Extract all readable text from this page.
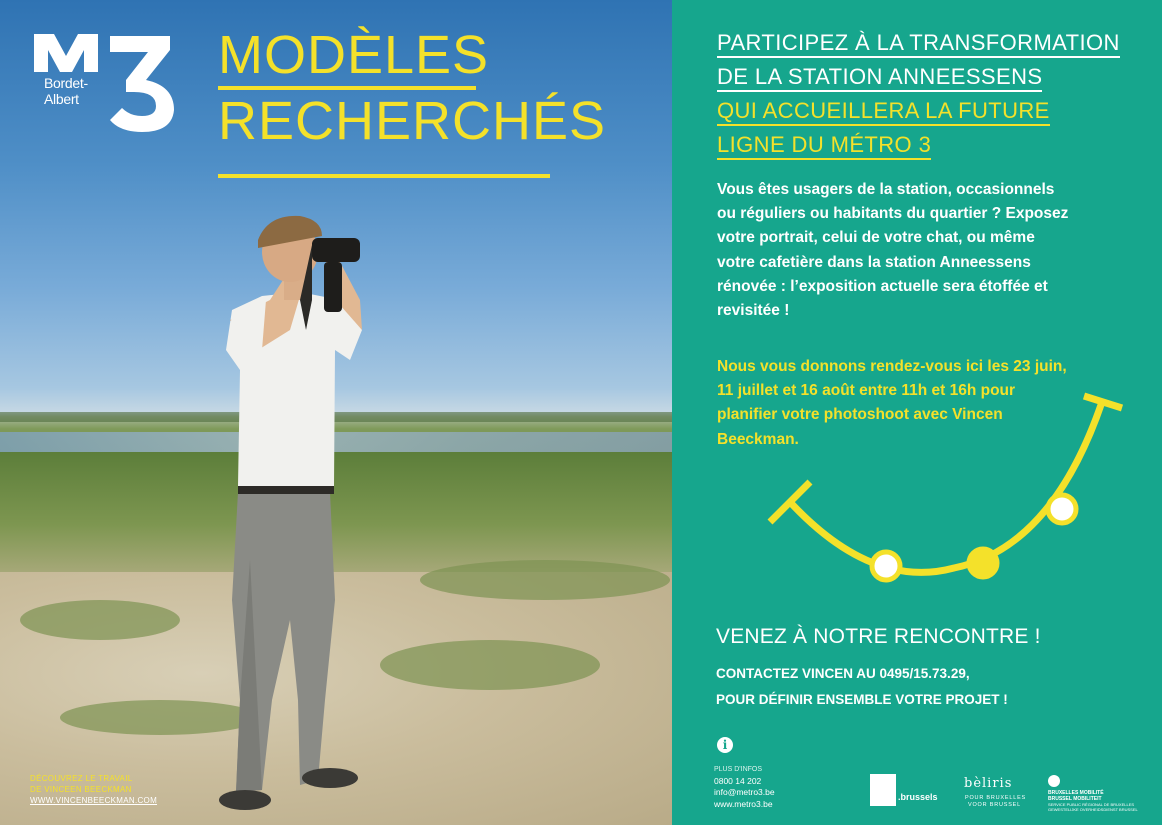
Bordet-
Albert
MODÈLES
RECHERCHÉS
DÉCOUVREZ LE TRAVAIL
DE VINCEEN BEECKMAN
WWW.VINCENBEECKMAN.COM
PARTICIPEZ À LA TRANSFORMATION
DE LA STATION ANNEESSENS
QUI ACCUEILLERA LA FUTURE
LIGNE DU MÉTRO 3
Vous êtes usagers de la station, occasionnels ou réguliers ou habitants du quartier ? Exposez votre portrait, celui de votre chat, ou même votre cafetière dans la station Anneessens rénovée : l’exposition actuelle sera étoffée et revisitée !
Nous vous donnons rendez-vous ici les 23 juin, 11 juillet et 16 août entre 11h et 16h pour planifier votre photoshoot avec Vincen Beeckman.
VENEZ À NOTRE RENCONTRE !
CONTACTEZ VINCEN AU 0495/15.73.29,
POUR DÉFINIR ENSEMBLE VOTRE PROJET !
i
PLUS D'INFOS
0800 14 202
info@metro3.be
www.metro3.be
.brussels
bèliris
POUR BRUXELLES
VOOR BRUSSEL
BRUXELLES MOBILITÉ
BRUSSEL MOBILITEIT
SERVICE PUBLIC RÉGIONAL DE BRUXELLES
GEWESTELIJKE OVERHEIDSDIENST BRUSSEL
